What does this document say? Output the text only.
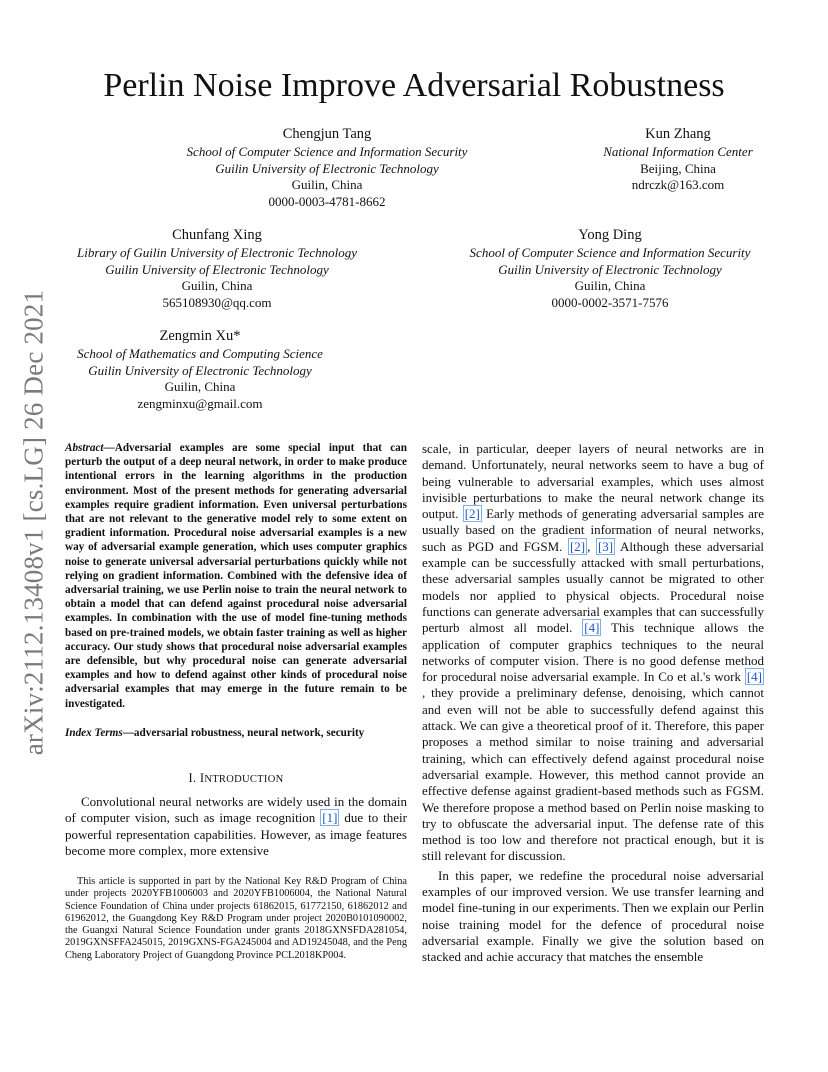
arXiv:2112.13408v1 [cs.LG] 26 Dec 2021
Perlin Noise Improve Adversarial Robustness
Chengjun Tang
School of Computer Science and Information Security
Guilin University of Electronic Technology
Guilin, China
0000-0003-4781-8662
Kun Zhang
National Information Center
Beijing, China
ndrczk@163.com
Chunfang Xing
Library of Guilin University of Electronic Technology
Guilin University of Electronic Technology
Guilin, China
565108930@qq.com
Yong Ding
School of Computer Science and Information Security
Guilin University of Electronic Technology
Guilin, China
0000-0002-3571-7576
Zengmin Xu*
School of Mathematics and Computing Science
Guilin University of Electronic Technology
Guilin, China
zengminxu@gmail.com
Abstract—Adversarial examples are some special input that can perturb the output of a deep neural network, in order to make produce intentional errors in the learning algorithms in the production environment. Most of the present methods for generating adversarial examples require gradient information. Even universal perturbations that are not relevant to the generative model rely to some extent on gradient information. Procedural noise adversarial examples is a new way of adversarial example generation, which uses computer graphics noise to generate universal adversarial perturbations quickly while not relying on gradient information. Combined with the defensive idea of adversarial training, we use Perlin noise to train the neural network to obtain a model that can defend against procedural noise adversarial examples. In combination with the use of model fine-tuning methods based on pre-trained models, we obtain faster training as well as higher accuracy. Our study shows that procedural noise adversarial examples are defensible, but why procedural noise can generate adversarial examples and how to defend against other kinds of procedural noise adversarial examples that may emerge in the future remain to be investigated.
Index Terms—adversarial robustness, neural network, security
I. INTRODUCTION

Convolutional neural networks are widely used in the domain of computer vision, such as image recognition [1] due to their powerful representation capabilities. However, as image features become more complex, more extensive

This article is supported in part by the National Key R&D Program of China under projects 2020YFB1006003 and 2020YFB1006004, the National Natural Science Foundation of China under projects 61862015, 61772150, 61862012 and 61962012, the Guangdong Key R&D Program under project 2020B0101090002, the Guangxi Natural Science Foundation under grants 2018GXNSFDA281054, 2019GXNSFFA245015, 2019GXNS-FGA245004 and AD19245048, and the Peng Cheng Laboratory Project of Guangdong Province PCL2018KP004.

scale, in particular, deeper layers of neural networks are in demand. Unfortunately, neural networks seem to have a bug of being vulnerable to adversarial examples, which uses almost invisible perturbations to make the neural network change its output. [2] Early methods of generating adversarial samples are usually based on the gradient information of neural networks, such as PGD and FGSM. [2] , [3] Although these adversarial example can be successfully attacked with small perturbations, these adversarial samples usually cannot be migrated to other models nor applied to physical objects. Procedural noise functions can generate adversarial examples that can successfully perturb almost all model. [4] This technique allows the application of computer graphics techniques to the neural networks of computer vision. There is no good defense method for procedural noise adversarial example. In Co et al.'s work [4] , they provide a preliminary defense, denoising, which cannot and even will not be able to successfully defend against this attack. We can give a theoretical proof of it. Therefore, this paper proposes a method similar to noise training and adversarial training, which can effectively defend against procedural noise adversarial example. However, this method cannot provide an effective defense against gradient-based methods such as FGSM. We therefore propose a method based on Perlin noise masking to try to obfuscate the adversarial input. The defense rate of this method is too low and therefore not practical enough, but it is still relevant for discussion.

In this paper, we redefine the procedural noise adversarial examples of our improved version. We use transfer learning and model fine-tuning in our experiments. Then we explain our Perlin noise training model for the defence of procedural noise adversarial example. Finally we give the solution based on stacked and achie accuracy that matches the ensemble
